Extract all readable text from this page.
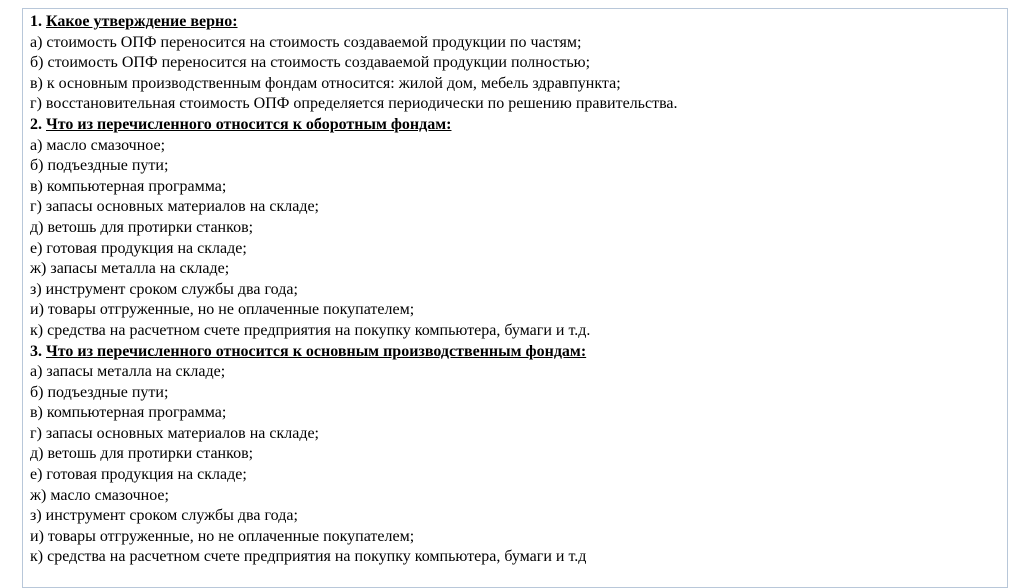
1. Какое утверждение верно:

а) стоимость ОПФ переносится на стоимость создаваемой продукции по частям;

б) стоимость ОПФ переносится на стоимость создаваемой продукции полностью;

в) к основным производственным фондам относится: жилой дом, мебель здравпункта;

г) восстановительная стоимость ОПФ определяется периодически по решению правительства.

2. Что из перечисленного относится к оборотным фондам:

а) масло смазочное;

б) подъездные пути;

в) компьютерная программа;

г) запасы основных материалов на складе;

д) ветошь для протирки станков;

е) готовая продукция на складе;

ж) запасы металла на складе;

з) инструмент сроком службы два года;

и) товары отгруженные, но не оплаченные покупателем;

к) средства на расчетном счете предприятия на покупку компьютера, бумаги и т.д.

3. Что из перечисленного относится к основным производственным фондам:

а) запасы металла на складе;

б) подъездные пути;

в) компьютерная программа;

г) запасы основных материалов на складе;

д) ветошь для протирки станков;

е) готовая продукция на складе;

ж) масло смазочное;

з) инструмент сроком службы два года;

и) товары отгруженные, но не оплаченные покупателем;

к) средства на расчетном счете предприятия на покупку компьютера, бумаги и т.д
